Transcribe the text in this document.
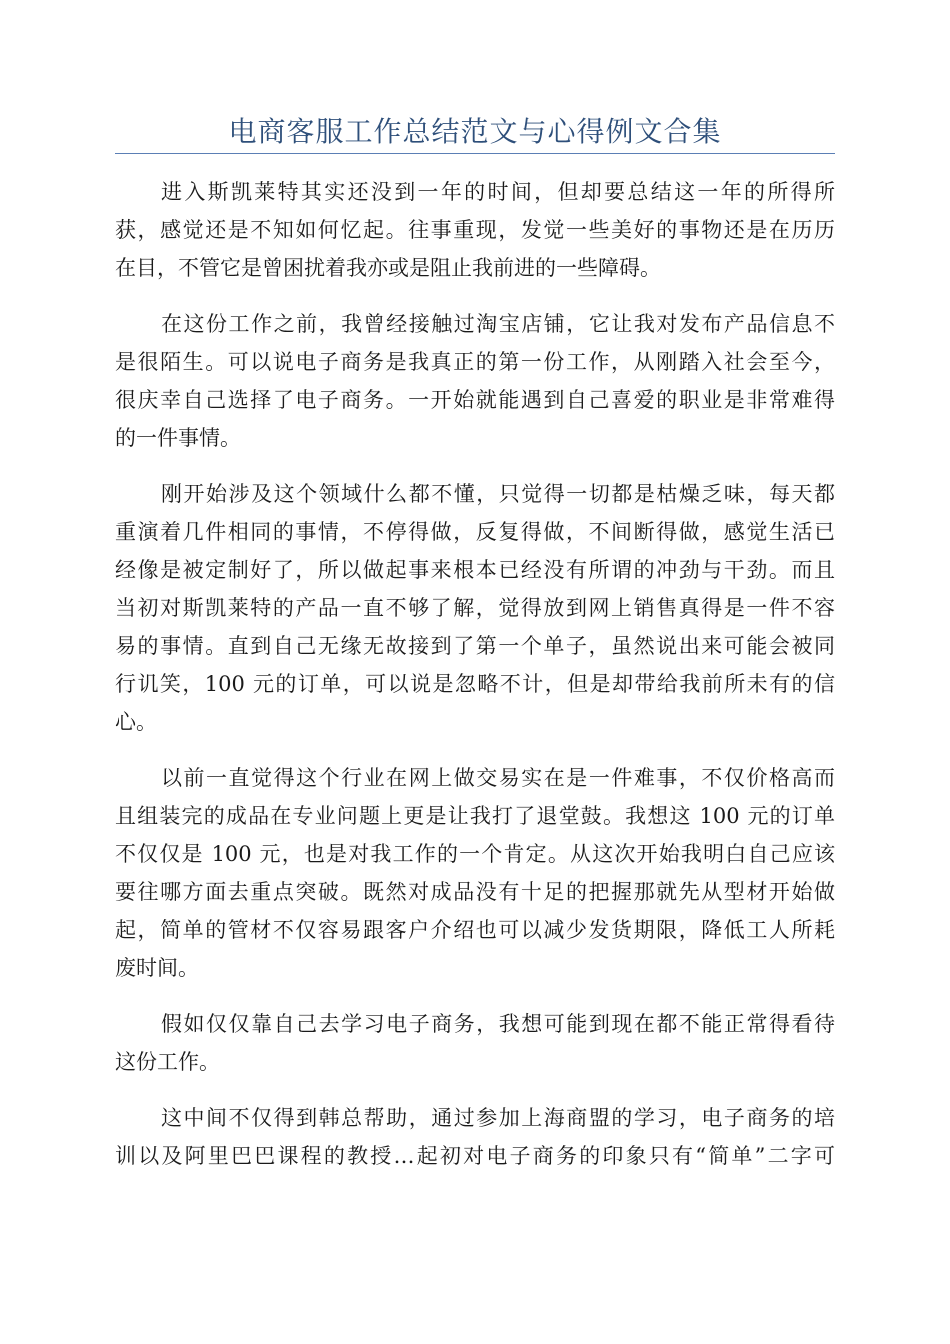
电商客服工作总结范文与心得例文合集
进入斯凯莱特其实还没到一年的时间，但却要总结这一年的所得所
获，感觉还是不知如何忆起。往事重现，发觉一些美好的事物还是在历历
在目，不管它是曾困扰着我亦或是阻止我前进的一些障碍。
在这份工作之前，我曾经接触过淘宝店铺，它让我对发布产品信息不
是很陌生。可以说电子商务是我真正的第一份工作，从刚踏入社会至今，
很庆幸自己选择了电子商务。一开始就能遇到自己喜爱的职业是非常难得
的一件事情。
刚开始涉及这个领域什么都不懂，只觉得一切都是枯燥乏味，每天都
重演着几件相同的事情，不停得做，反复得做，不间断得做，感觉生活已
经像是被定制好了，所以做起事来根本已经没有所谓的冲劲与干劲。而且
当初对斯凯莱特的产品一直不够了解，觉得放到网上销售真得是一件不容
易的事情。直到自己无缘无故接到了第一个单子，虽然说出来可能会被同
行讥笑，100 元的订单，可以说是忽略不计，但是却带给我前所未有的信
心。
以前一直觉得这个行业在网上做交易实在是一件难事，不仅价格高而
且组装完的成品在专业问题上更是让我打了退堂鼓。我想这 100 元的订单
不仅仅是 100 元，也是对我工作的一个肯定。从这次开始我明白自己应该
要往哪方面去重点突破。既然对成品没有十足的把握那就先从型材开始做
起，简单的管材不仅容易跟客户介绍也可以减少发货期限，降低工人所耗
废时间。
假如仅仅靠自己去学习电子商务，我想可能到现在都不能正常得看待
这份工作。
这中间不仅得到韩总帮助，通过参加上海商盟的学习，电子商务的培
训以及阿里巴巴课程的教授…起初对电子商务的印象只有“简单”二字可
